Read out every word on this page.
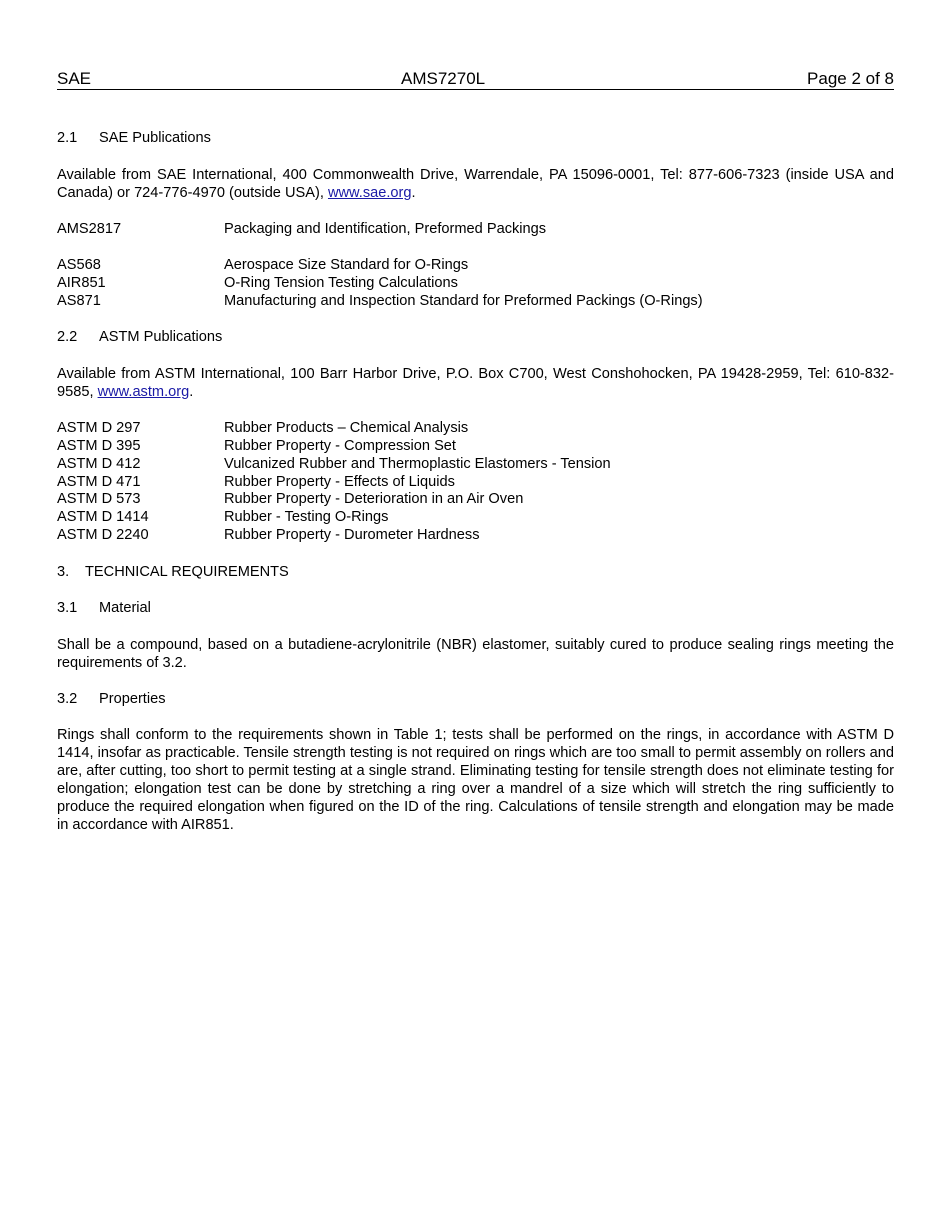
SAE	AMS7270L	Page 2 of 8
2.1 SAE Publications
Available from SAE International, 400 Commonwealth Drive, Warrendale, PA 15096-0001, Tel: 877-606-7323 (inside USA and Canada) or 724-776-4970 (outside USA), www.sae.org.
AMS2817	Packaging and Identification, Preformed Packings
AS568	Aerospace Size Standard for O-Rings
AIR851	O-Ring Tension Testing Calculations
AS871	Manufacturing and Inspection Standard for Preformed Packings (O-Rings)
2.2 ASTM Publications
Available from ASTM International, 100 Barr Harbor Drive, P.O. Box C700, West Conshohocken, PA 19428-2959, Tel: 610-832-9585, www.astm.org.
ASTM D 297	Rubber Products – Chemical Analysis
ASTM D 395	Rubber Property - Compression Set
ASTM D 412	Vulcanized Rubber and Thermoplastic Elastomers - Tension
ASTM D 471	Rubber Property - Effects of Liquids
ASTM D 573	Rubber Property - Deterioration in an Air Oven
ASTM D 1414	Rubber - Testing O-Rings
ASTM D 2240	Rubber Property - Durometer Hardness
3. TECHNICAL REQUIREMENTS
3.1 Material
Shall be a compound, based on a butadiene-acrylonitrile (NBR) elastomer, suitably cured to produce sealing rings meeting the requirements of 3.2.
3.2 Properties
Rings shall conform to the requirements shown in Table 1; tests shall be performed on the rings, in accordance with ASTM D 1414, insofar as practicable. Tensile strength testing is not required on rings which are too small to permit assembly on rollers and are, after cutting, too short to permit testing at a single strand. Eliminating testing for tensile strength does not eliminate testing for elongation; elongation test can be done by stretching a ring over a mandrel of a size which will stretch the ring sufficiently to produce the required elongation when figured on the ID of the ring. Calculations of tensile strength and elongation may be made in accordance with AIR851.
